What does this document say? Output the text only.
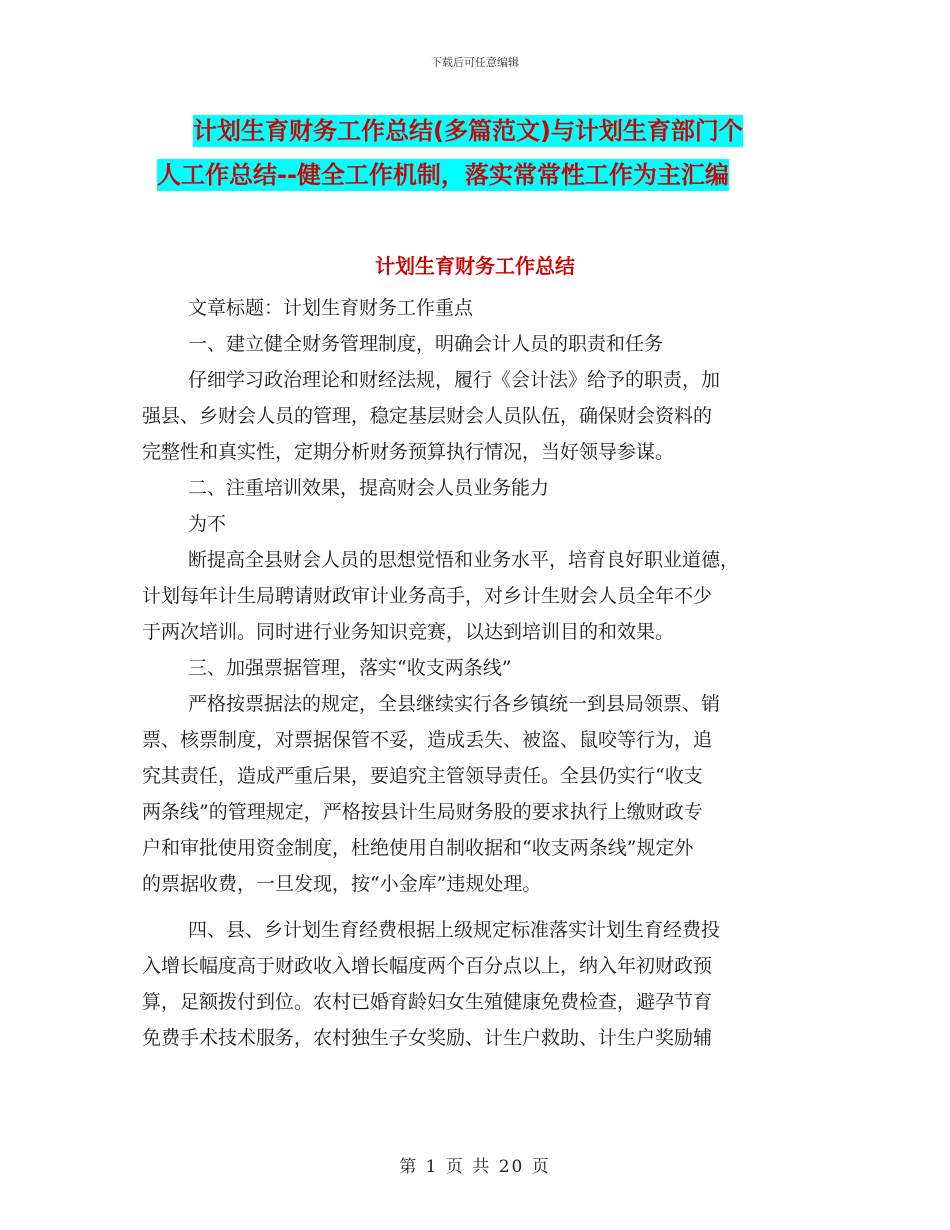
下载后可任意编辑
计划生育财务工作总结(多篇范文)与计划生育部门个
人工作总结--健全工作机制，落实常常性工作为主汇编
计划生育财务工作总结
文章标题：计划生育财务工作重点
一、建立健全财务管理制度，明确会计人员的职责和任务
仔细学习政治理论和财经法规，履行《会计法》给予的职责，加
强县、乡财会人员的管理，稳定基层财会人员队伍，确保财会资料的
完整性和真实性，定期分析财务预算执行情况，当好领导参谋。
二、注重培训效果，提高财会人员业务能力
为不
断提高全县财会人员的思想觉悟和业务水平，培育良好职业道德，
计划每年计生局聘请财政审计业务高手，对乡计生财会人员全年不少
于两次培训。同时进行业务知识竞赛，以达到培训目的和效果。
三、加强票据管理，落实“收支两条线”
严格按票据法的规定，全县继续实行各乡镇统一到县局领票、销
票、核票制度，对票据保管不妥，造成丢失、被盗、鼠咬等行为，追
究其责任，造成严重后果，要追究主管领导责任。全县仍实行“收支
两条线”的管理规定，严格按县计生局财务股的要求执行上缴财政专
户和审批使用资金制度，杜绝使用自制收据和“收支两条线”规定外
的票据收费，一旦发现，按“小金库”违规处理。
四、县、乡计划生育经费根据上级规定标准落实计划生育经费投
入增长幅度高于财政收入增长幅度两个百分点以上，纳入年初财政预
算，足额拨付到位。农村已婚育龄妇女生殖健康免费检查，避孕节育
免费手术技术服务，农村独生子女奖励、计生户救助、计生户奖励辅
第 1 页 共 20 页
